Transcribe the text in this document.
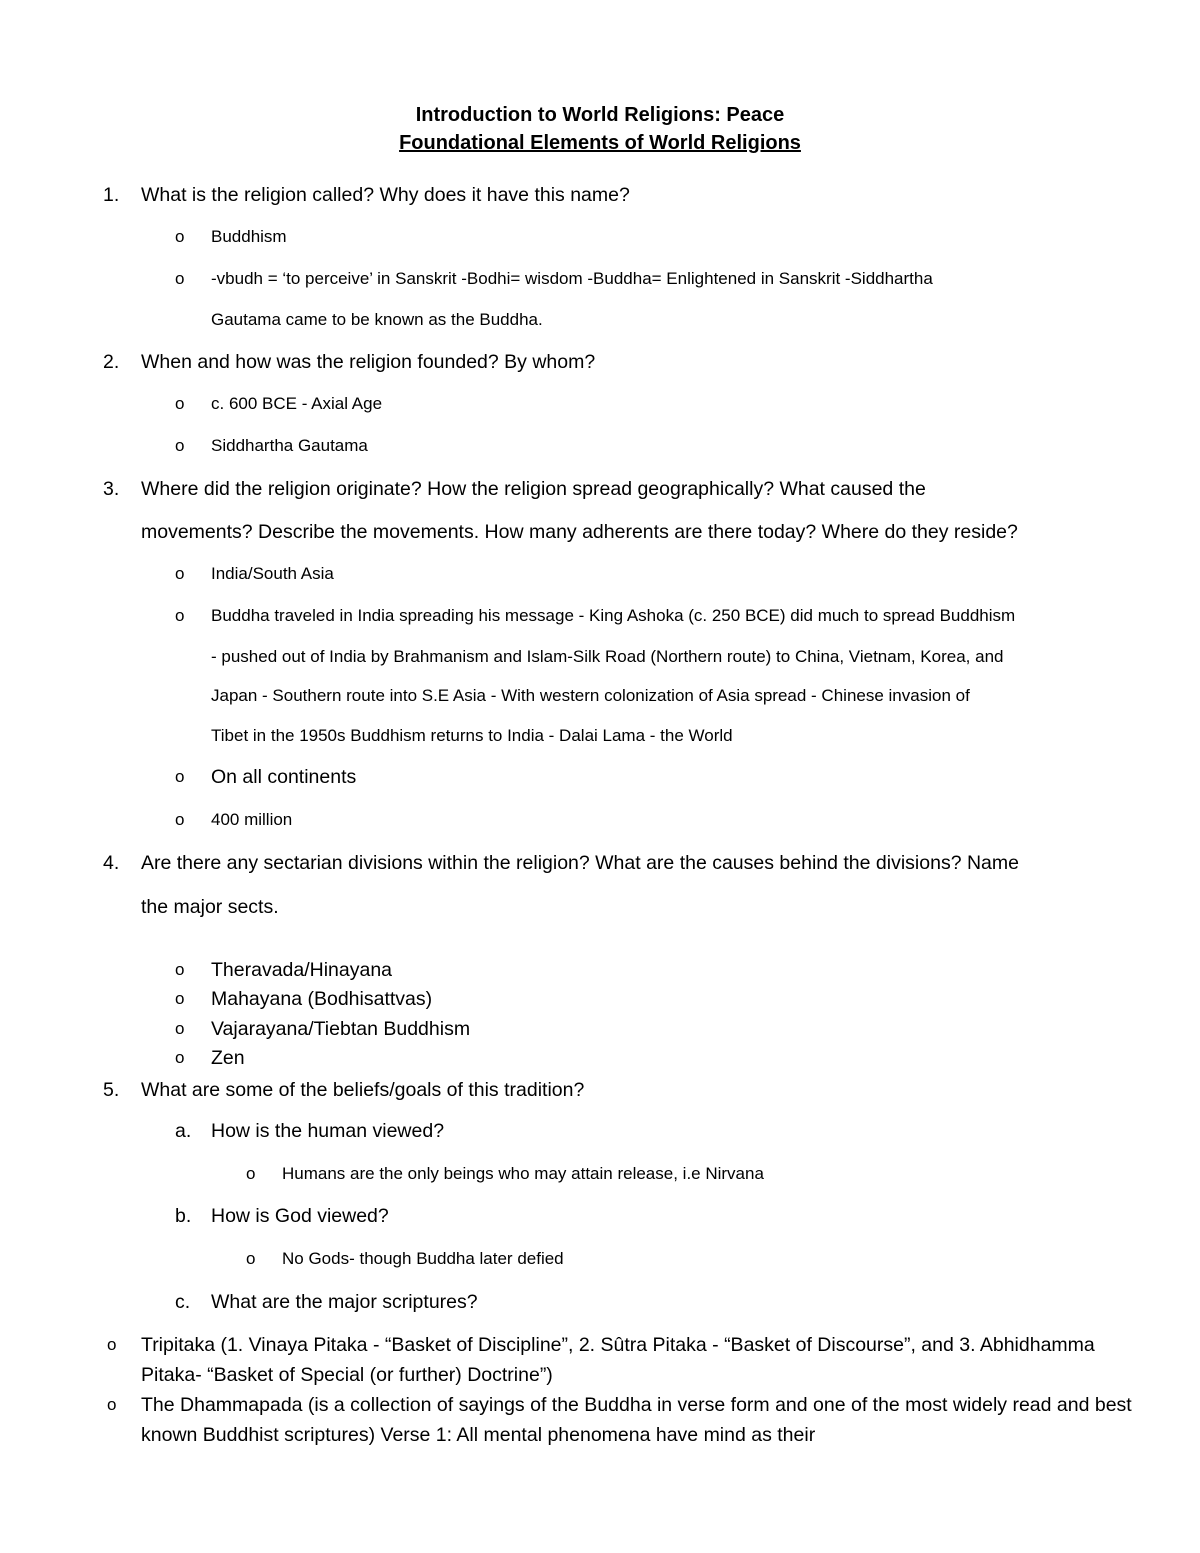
Introduction to World Religions: Peace
Foundational Elements of World Religions
1. What is the religion called? Why does it have this name?
o Buddhism
o -vbudh = ‘to perceive’ in Sanskrit -Bodhi= wisdom -Buddha= Enlightened in Sanskrit -Siddhartha
Gautama came to be known as the Buddha.
2. When and how was the religion founded? By whom?
o c. 600 BCE - Axial Age
o Siddhartha Gautama
3. Where did the religion originate? How the religion spread geographically? What caused the
movements? Describe the movements. How many adherents are there today? Where do they reside?
o India/South Asia
o Buddha traveled in India spreading his message - King Ashoka (c. 250 BCE) did much to spread Buddhism
- pushed out of India by Brahmanism and Islam-Silk Road (Northern route) to China, Vietnam, Korea, and
Japan - Southern route into S.E Asia - With western colonization of Asia spread - Chinese invasion of
Tibet in the 1950s Buddhism returns to India - Dalai Lama - the World
o On all continents
o 400 million
4. Are there any sectarian divisions within the religion? What are the causes behind the divisions? Name
the major sects.
o Theravada/Hinayana
o Mahayana (Bodhisattvas)
o Vajarayana/Tiebtan Buddhism
o Zen
5. What are some of the beliefs/goals of this tradition?
a. How is the human viewed?
o Humans are the only beings who may attain release, i.e Nirvana
b. How is God viewed?
o No Gods- though Buddha later defied
c. What are the major scriptures?
o Tripitaka (1. Vinaya Pitaka - “Basket of Discipline”, 2. Sûtra Pitaka - “Basket of Discourse”, and 3. Abhidhamma Pitaka- “Basket of Special (or further) Doctrine”)
o The Dhammapada (is a collection of sayings of the Buddha in verse form and one of the most widely read and best known Buddhist scriptures) Verse 1: All mental phenomena have mind as their
